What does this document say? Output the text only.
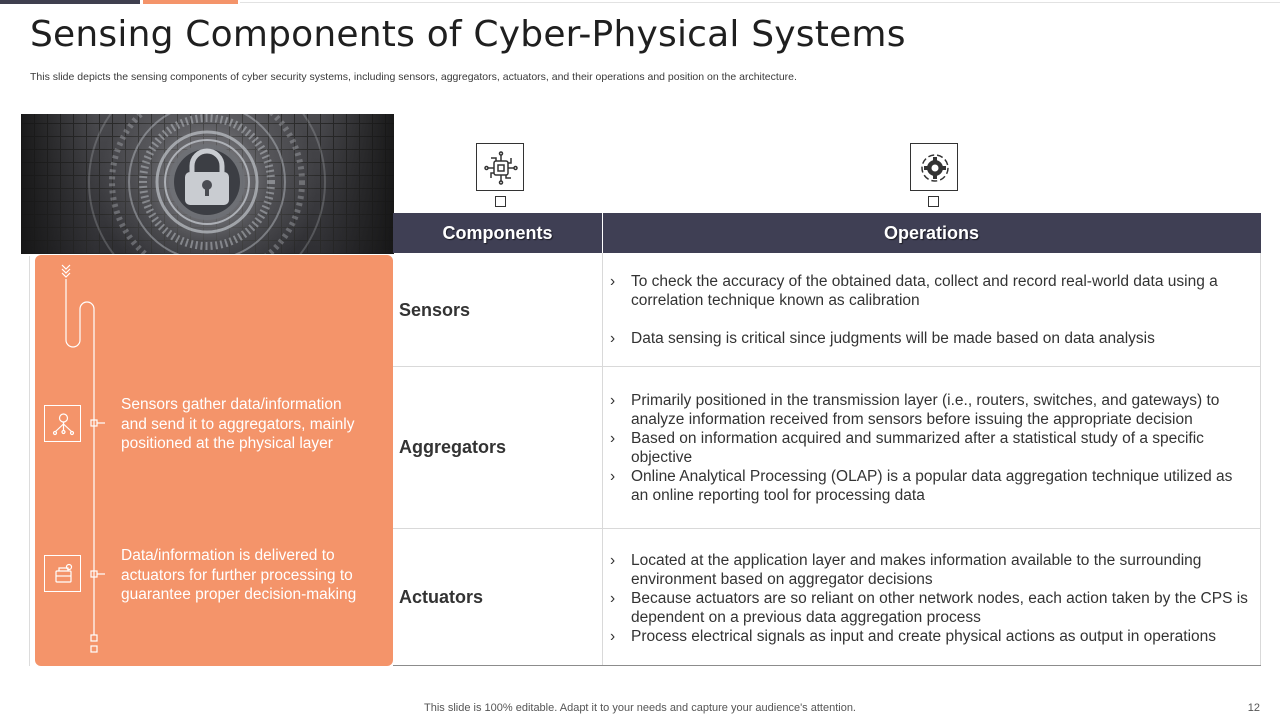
Sensing Components of Cyber-Physical Systems
This slide depicts the sensing components of cyber security systems, including sensors, aggregators, actuators, and their operations and position on the architecture.
Sensors gather data/information and send it to aggregators, mainly positioned at the physical layer
Data/information is delivered to actuators for further processing to guarantee proper decision-making
Components	Operations
Sensors
› To check the accuracy of the obtained data, collect and record real-world data using a correlation technique known as calibration
› Data sensing is critical since judgments will be made based on data analysis
Aggregators
› Primarily positioned in the transmission layer (i.e., routers, switches, and gateways) to analyze information received from sensors before issuing the appropriate decision
› Based on information acquired and summarized after a statistical study of a specific objective
› Online Analytical Processing (OLAP) is a popular data aggregation technique utilized as an online reporting tool for processing data
Actuators
› Located at the application layer and makes information available to the surrounding environment based on aggregator decisions
› Because actuators are so reliant on other network nodes, each action taken by the CPS is dependent on a previous data aggregation process
› Process electrical signals as input and create physical actions as output in operations
This slide is 100% editable. Adapt it to your needs and capture your audience's attention.	12
